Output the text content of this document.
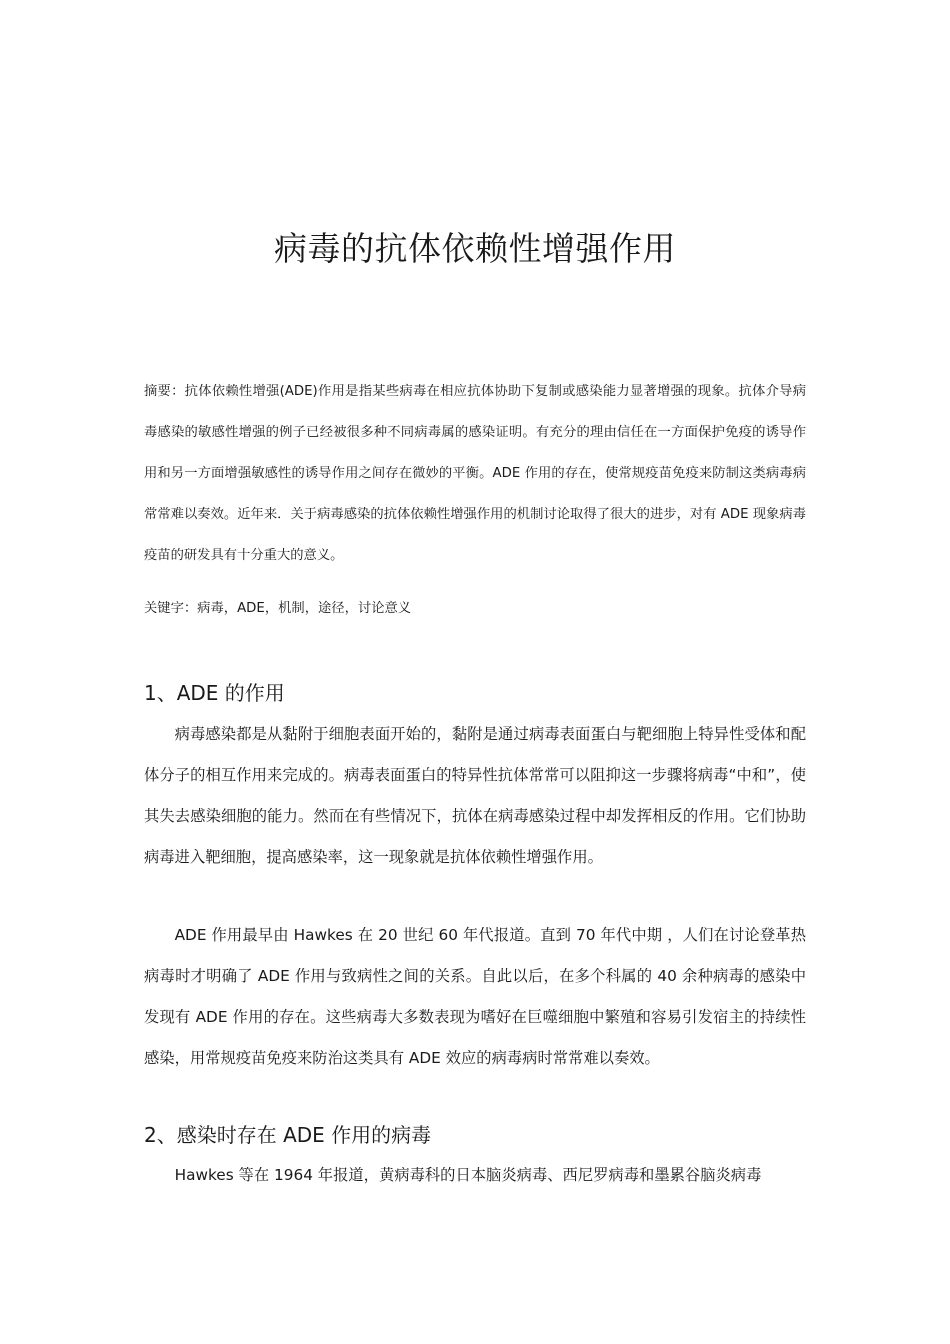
病毒的抗体依赖性增强作用

摘要：抗体依赖性增强(ADE)作用是指某些病毒在相应抗体协助下复制或感染能力显著增强的现象。抗体介导病毒感染的敏感性增强的例子已经被很多种不同病毒属的感染证明。有充分的理由信任在一方面保护免疫的诱导作用和另一方面增强敏感性的诱导作用之间存在微妙的平衡。ADE 作用的存在，使常规疫苗免疫来防制这类病毒病常常难以奏效。近年来．关于病毒感染的抗体依赖性增强作用的机制讨论取得了很大的进步，对有 ADE 现象病毒疫苗的研发具有十分重大的意义。

关键字：病毒，ADE，机制，途径，讨论意义

1、ADE 的作用

病毒感染都是从黏附于细胞表面开始的，黏附是通过病毒表面蛋白与靶细胞上特异性受体和配体分子的相互作用来完成的。病毒表面蛋白的特异性抗体常常可以阻抑这一步骤将病毒“中和”，使其失去感染细胞的能力。然而在有些情况下，抗体在病毒感染过程中却发挥相反的作用。它们协助病毒进入靶细胞，提高感染率，这一现象就是抗体依赖性增强作用。

ADE 作用最早由 Hawkes 在 20 世纪 60 年代报道。直到 70 年代中期 ，人们在讨论登革热病毒时才明确了 ADE 作用与致病性之间的关系。自此以后，在多个科属的 40 余种病毒的感染中发现有 ADE 作用的存在。这些病毒大多数表现为嗜好在巨噬细胞中繁殖和容易引发宿主的持续性感染，用常规疫苗免疫来防治这类具有 ADE 效应的病毒病时常常难以奏效。

2、感染时存在 ADE 作用的病毒

Hawkes 等在 1964 年报道，黄病毒科的日本脑炎病毒、西尼罗病毒和墨累谷脑炎病毒
